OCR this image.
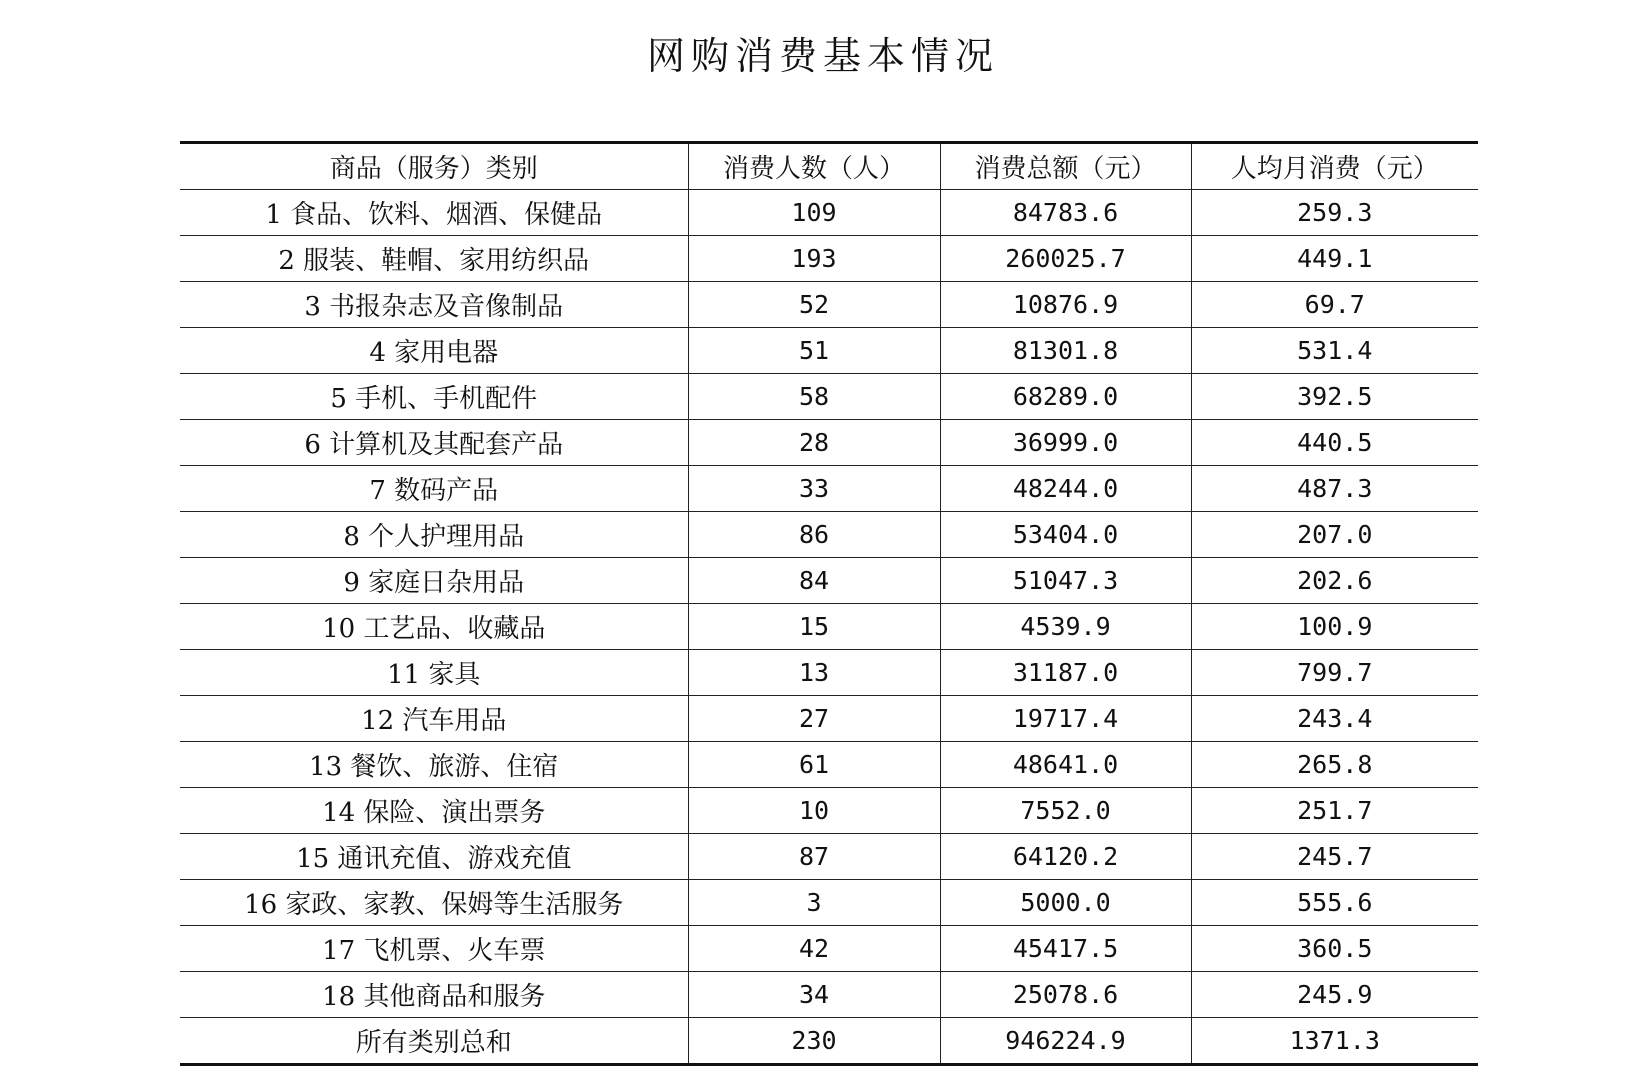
网购消费基本情况
商品（服务）类别	消费人数（人）	消费总额（元）	人均月消费（元）
1 食品、饮料、烟酒、保健品	109	84783.6	259.3
2 服装、鞋帽、家用纺织品	193	260025.7	449.1
3 书报杂志及音像制品	52	10876.9	69.7
4 家用电器	51	81301.8	531.4
5 手机、手机配件	58	68289.0	392.5
6 计算机及其配套产品	28	36999.0	440.5
7 数码产品	33	48244.0	487.3
8 个人护理用品	86	53404.0	207.0
9 家庭日杂用品	84	51047.3	202.6
10 工艺品、收藏品	15	4539.9	100.9
11 家具	13	31187.0	799.7
12 汽车用品	27	19717.4	243.4
13 餐饮、旅游、住宿	61	48641.0	265.8
14 保险、演出票务	10	7552.0	251.7
15 通讯充值、游戏充值	87	64120.2	245.7
16 家政、家教、保姆等生活服务	3	5000.0	555.6
17 飞机票、火车票	42	45417.5	360.5
18 其他商品和服务	34	25078.6	245.9
所有类别总和	230	946224.9	1371.3
